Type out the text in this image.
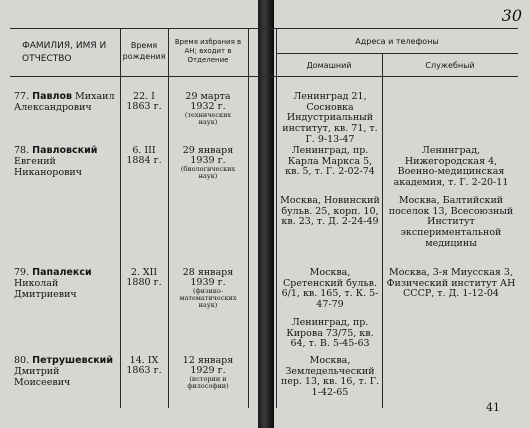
30
ФАМИЛИЯ, ИМЯ И ОТЧЕСТВО
Время рождения
Время избрания в АН; входит в Отделение
Адреса и телефоны
Домашний	Служебный
77. Павлов Михаил Александрович
22. I
1863 г.
29 марта
1932 г.
(технических наук)
Ленинград 21, Сосновка Индустриальный институт, кв. 71, т. Г. 9-13-47
78. Павловский Евгений Никанорович
6. III
1884 г.
29 января
1939 г.
(биологических наук)
Ленинград, пр. Карла Маркса 5, кв. 5, т. Г. 2-02-74
Ленинград, Нижегородская 4, Военно-медицинская академия, т. Г. 2-20-11
Москва, Новинский бульв. 25, корп. 10, кв. 23, т. Д. 2-24-49
Москва, Балтийский поселок 13, Всесоюзный Институт экспериментальной медицины
79. Папалекси Николай Дмитриевич
2. XII
1880 г.
28 января
1939 г.
(физико-математических наук)
Москва, Сретенский бульв. 6/1, кв. 165, т. К. 5-47-79
Москва, 3-я Миусская 3, Физический институт АН СССР, т. Д. 1-12-04
Ленинград, пр. Кирова 73/75, кв. 64, т. В. 5-45-63
80. Петрушевский Дмитрий Моисеевич
14. IX
1863 г.
12 января
1929 г.
(истории и философии)
Москва, Земледельческий пер. 13, кв. 16, т. Г. 1-42-65
41
